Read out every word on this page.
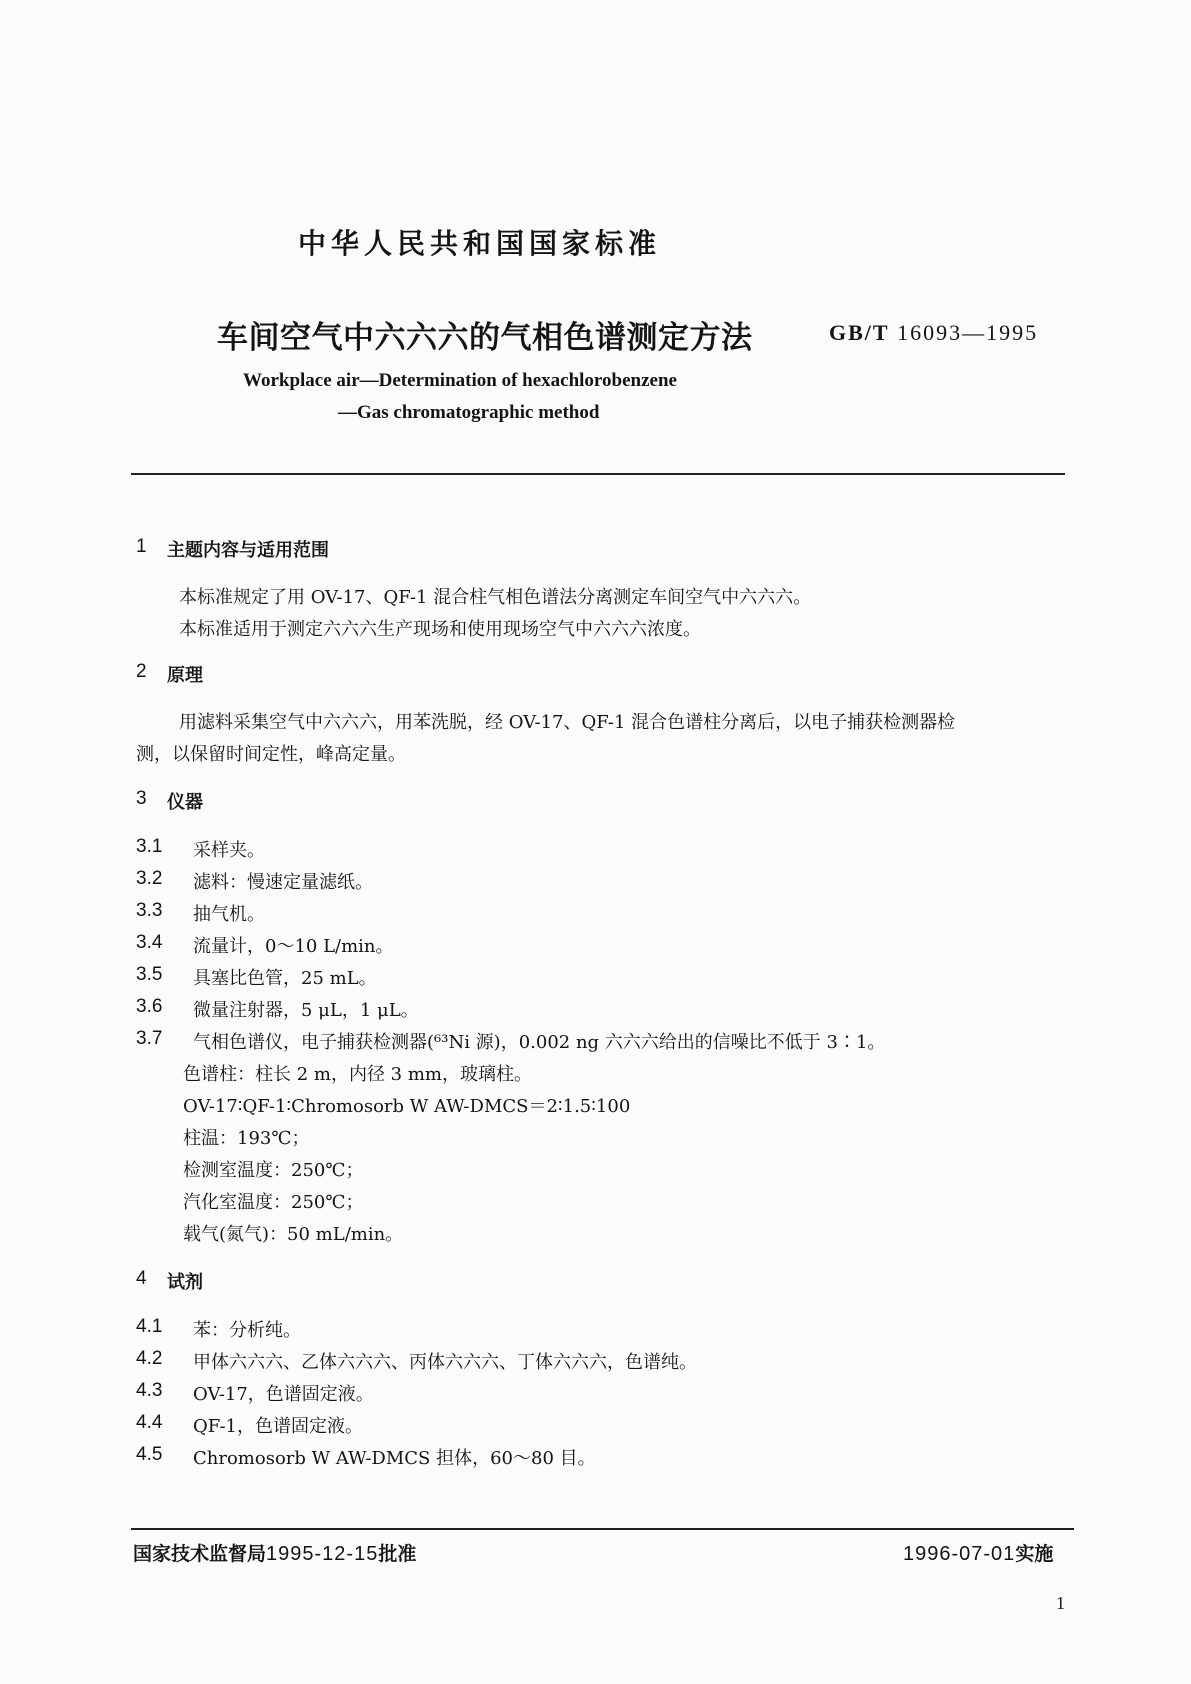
中华人民共和国国家标准
车间空气中六六六的气相色谱测定方法	GB/T 16093—1995
Workplace air—Determination of hexachlorobenzene
—Gas chromatographic method
1 主题内容与适用范围
本标准规定了用 OV-17、QF-1 混合柱气相色谱法分离测定车间空气中六六六。
本标准适用于测定六六六生产现场和使用现场空气中六六六浓度。
2 原理
用滤料采集空气中六六六，用苯洗脱，经 OV-17、QF-1 混合色谱柱分离后，以电子捕获检测器检
测，以保留时间定性，峰高定量。
3 仪器
3.1 采样夹。
3.2 滤料：慢速定量滤纸。
3.3 抽气机。
3.4 流量计，0～10 L/min。
3.5 具塞比色管，25 mL。
3.6 微量注射器，5 μL，1 μL。
3.7 气相色谱仪，电子捕获检测器(⁶³Ni 源)，0.002 ng 六六六给出的信噪比不低于 3∶1。
色谱柱：柱长 2 m，内径 3 mm，玻璃柱。
OV-17∶QF-1∶Chromosorb W AW-DMCS＝2∶1.5∶100
柱温：193℃；
检测室温度：250℃；
汽化室温度：250℃；
载气(氮气)：50 mL/min。
4 试剂
4.1 苯：分析纯。
4.2 甲体六六六、乙体六六六、丙体六六六、丁体六六六，色谱纯。
4.3 OV-17，色谱固定液。
4.4 QF-1，色谱固定液。
4.5 Chromosorb W AW-DMCS 担体，60～80 目。
国家技术监督局1995-12-15批准	1996-07-01实施
1
